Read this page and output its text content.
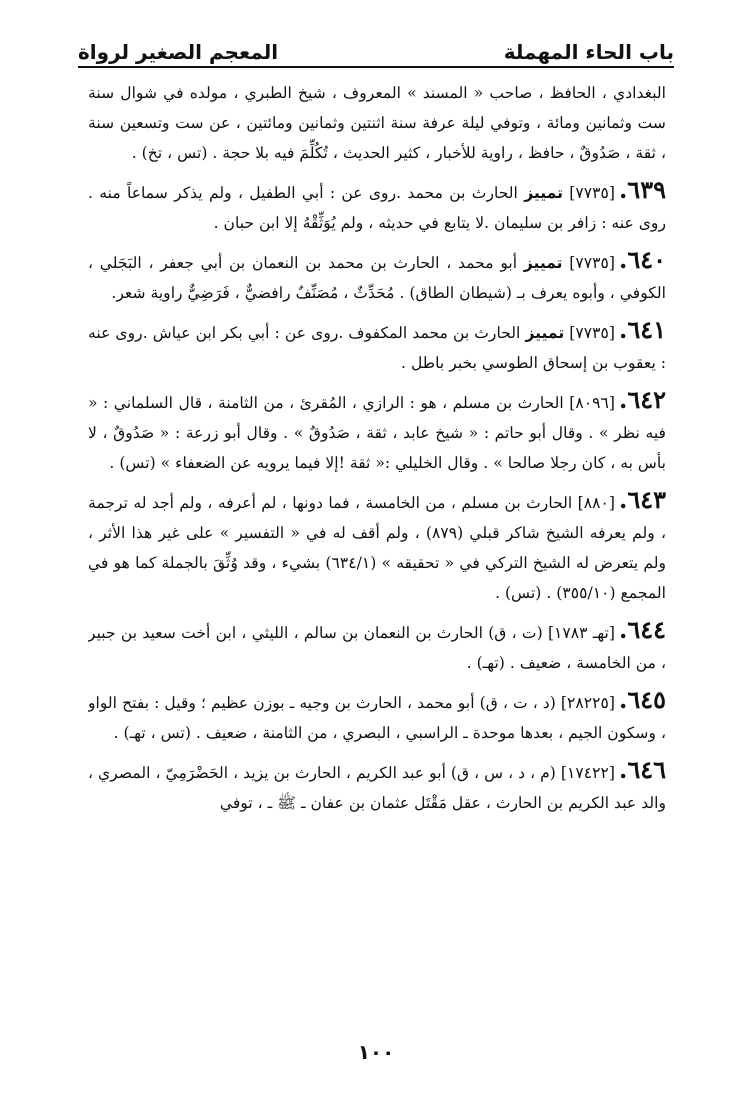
باب الحاء المهملة
المعجم الصغير لرواة

البغدادي ، الحافظ ، صاحب « المسند » المعروف ، شيخ الطبري ، مولده في شوال سنة ست وثمانين ومائة ، وتوفي ليلة عرفة سنة اثنتين وثمانين ومائتين ، عن ست وتسعين سنة ، ثقة ، صَدُوقٌ ، حافظ ، راوية للأخبار ، كثير الحديث ، تُكُلِّمَ فيه بلا حجة . (تس ، تخ) .

٦٣٩.[٧٧٣٥] تمييز الحارث بن محمد .روى عن : أبي الطفيل ، ولم يذكر سماعاً منه . روى عنه : زافر بن سليمان .لا يتابع في حديثه ، ولم يُوَثِّقْهُ إلا ابن حبان .

٦٤٠.[٧٧٣٥] تمييز أبو محمد ، الحارث بن محمد بن النعمان بن أبي جعفر ، البَجَلي ، الكوفي ، وأبوه يعرف بـ (شيطان الطاق) . مُحَدِّثٌ ، مُصَنِّفٌ رافضيٌّ ، فَرَضِيٌّ راوية شعر.

٦٤١.[٧٧٣٥] تمييز الحارث بن محمد المكفوف .روى عن : أبي بكر ابن عياش .روى عنه : يعقوب بن إسحاق الطوسي بخبر باطل .

٦٤٢.[٨٠٩٦] الحارث بن مسلم ، هو : الرازي ، المُقرئ ، من الثامنة ، قال السلماني : « فيه نظر » . وقال أبو حاتم : « شيخ عابد ، ثقة ، صَدُوقٌ » . وقال أبو زرعة : « صَدُوقٌ ، لا بأس به ، كان رجلا صالحا » . وقال الخليلي :« ثقة !إلا فيما يرويه عن الضعفاء » (تس) .

٦٤٣.[٨٨٠] الحارث بن مسلم ، من الخامسة ، فما دونها ، لم أعرفه ، ولم أجد له ترجمة ، ولم يعرفه الشيخ شاكر قبلي (٨٧٩) ، ولم أقف له في « التفسير » على غير هذا الأثر ، ولم يتعرض له الشيخ التركي في « تحقيقه » (٦٣٤/١) بشيء ، وقد وُثِّقَ بالجملة كما هو في المجمع (٣٥٥/١٠) . (تس) .

٦٤٤.[تهـ ١٧٨٣] (ت ، ق) الحارث بن النعمان بن سالم ، الليثي ، ابن أخت سعيد بن جبير ، من الخامسة ، ضعيف . (تهـ) .

٦٤٥.[٢٨٢٢٥] (د ، ت ، ق) أبو محمد ، الحارث بن وجيه ـ بوزن عظيم ؛ وقيل : بفتح الواو ، وسكون الجيم ، بعدها موحدة ـ الراسبي ، البصري ، من الثامنة ، ضعيف . (تس ، تهـ) .

٦٤٦.[١٧٤٢٢] (م ، د ، س ، ق) أبو عبد الكريم ، الحارث بن يزيد ، الحَضْرَمِيّ ، المصري ، والد عبد الكريم بن الحارث ، عقل مَقْتَل عثمان بن عفان ـ ﷺ ـ ، توفي

١٠٠
